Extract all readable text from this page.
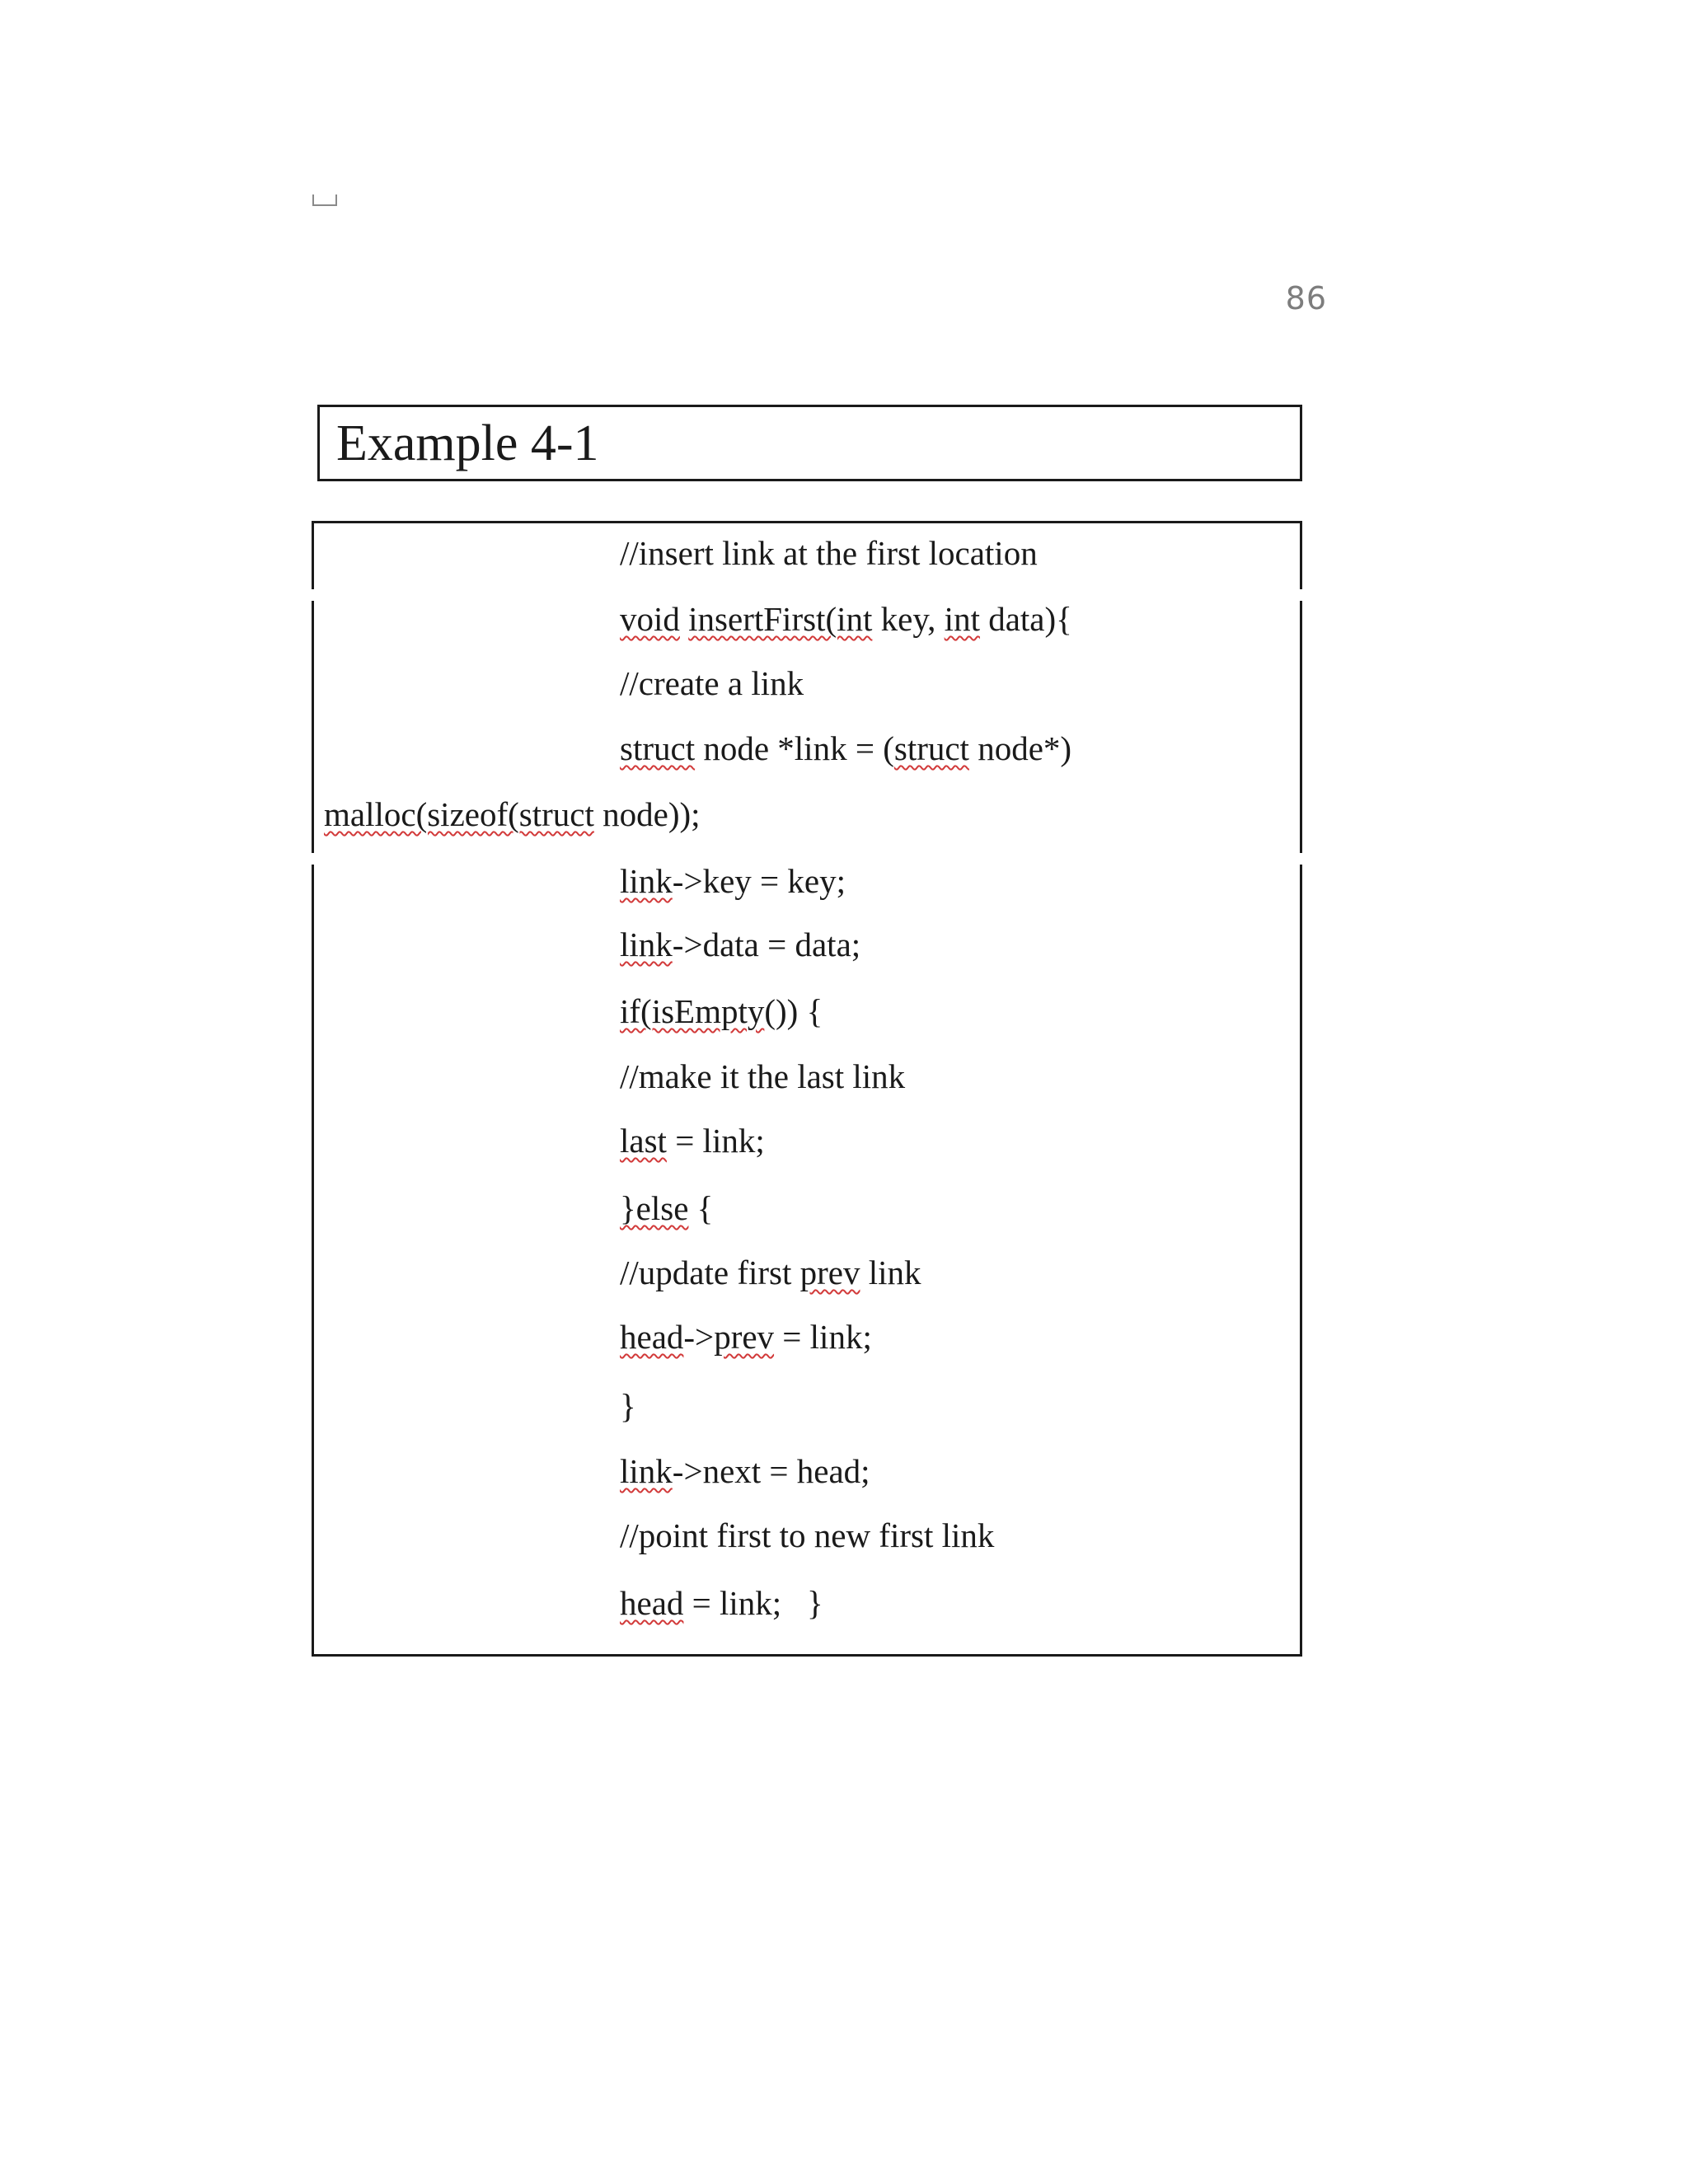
86
Example 4-1
//insert link at the first location
void insertFirst(int key, int data){
//create a link
struct node *link = (struct node*)
malloc(sizeof(struct node));
link->key = key;
link->data = data;
if(isEmpty()) {
//make it the last link
last = link;
}else {
//update first prev link
head->prev = link;
}
link->next = head;
//point first to new first link
head = link;   }
